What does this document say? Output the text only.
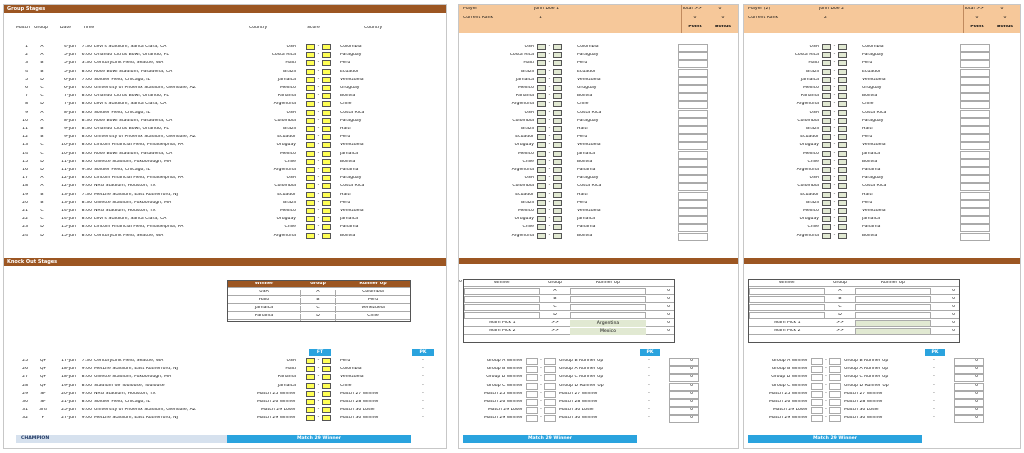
Group Stages
Knock Out Stages
Match Group	Date	Time	Country	Score	Country
1	A	4-Jun	7:30 Levi's Stadium, Santa Clara, CA	USA	-	Colombia
2	A	5-Jun	6:00 Orlando Citrus Bowl, Orlando, FL	Costa Rica	-	Paraguay
3	B	5-Jun	3:30 CenturyLink Field, Seattle, WA	Haiti	-	Peru
4	B	5-Jun	8:00 Rose Bowl Stadium, Pasadena, CA	Brazil	-	Ecuador
5	D	6-Jun	7:00 Soldier Field, Chicago, IL	Jamaica	-	Venezuela
6	C	6-Jun	6:00 University of Phoenix Stadium, Glendale, AZ	Mexico	-	Uruguay
7	C	7-Jun	8:00 Orlando Citrus Bowl, Orlando, FL	Panama	-	Bolivia
8	D	7-Jun	8:00 Levi's Stadium, Santa Clara, CA	Argentina	-	Chile
9	A	8-Jun	8:00 Soldier Field, Chicago, IL	USA	-	Costa Rica
10	A	8-Jun	8:30 Rose Bowl Stadium, Pasadena, CA	Colombia	-	Paraguay
11	B	9-Jun	8:30 Orlando Citrus Bowl, Orlando, FL	Brazil	-	Haiti
12	B	9-Jun	8:00 University of Phoenix Stadium, Glendale, AZ	Ecuador	-	Peru
13	C	10-Jun	8:00 Lincoln Financial Field, Philadelphia, PA	Uruguay	-	Venezuela
14	C	10-Jun	8:00 Rose Bowl Stadium, Pasadena, CA	Mexico	-	Jamaica
15	D	11-Jun	8:00 Gillette Stadium, Foxborough, MA	Chile	-	Bolivia
16	D	11-Jun	9:30 Soldier Field, Chicago, IL	Argentina	-	Panama
17	A	12-Jun	8:00 Lincoln Financial Field, Philadelphia, PA	USA	-	Paraguay
18	A	12-Jun	9:00 NRG Stadium, Houston, TX	Colombia	-	Costa Rica
19	B	13-Jun	7:30 MetLife Stadium, East Rutherford, NJ	Ecuador	-	Haiti
20	B	13-Jun	8:30 Gillette Stadium, Foxborough, MA	Brazil	-	Peru
21	C	14-Jun	8:00 NRG Stadium, Houston, TX	Mexico	-	Venezuela
22	C	14-Jun	8:00 Levi's Stadium, Santa Clara, CA	Uruguay	-	Jamaica
23	D	15-Jun	8:00 Lincoln Financial Field, Philadelphia, PA	Chile	-	Panama
24	D	15-Jun	8:00 CenturyLink Field, Seattle, WA	Argentina	-	Bolivia
Winner	Group	Runner Up
USA	A	Colombia
Haiti	B	Peru
Jamaica	C	Venezuela
Panama	D	Chile
FT	PK
25	QF	17-Jun	7:30 CenturyLink Field, Seattle, WA	USA	-	Peru	-
26	QF	18-Jun	9:00 MetLife Stadium, East Rutherford, NJ	Haiti	-	Colombia	-
27	QF	18-Jun	8:00 Gillette Stadium, Foxborough, MA	Panama	-	Venezuela	-
28	QF	19-Jun	8:00 Stadium de Toulouse, Toulouse	Jamaica	-	Chile	-
29	SF	20-Jun	9:00 NRG Stadium, Houston, TX	Match 25 Winner	-	Match 27 Winner	-
30	SF	21-Jun	8:00 Soldier Field, Chicago, IL	Match 26 Winner	-	Match 28 Winner	-
31	3rd	25-Jun	6:00 University of Phoenix Stadium, Glendale, AZ	Match 29 Loser	-	Match 30 Loser	-
32	F	27-Jun	9:00 MetLife Stadium, East Rutherford, NJ	Match 29 Winner	-	Match 30 Winner	-
CHAMPION	Match 29 Winner
Player	John Doe 1
Current Rank	1
Total >>	0
0	0
Point	Bonus
USA	-	Colombia
Costa Rica	-	Paraguay
Haiti	-	Peru
Brazil	-	Ecuador
Jamaica	-	Venezuela
Mexico	-	Uruguay
Panama	-	Bolivia
Argentina	-	Chile
USA	-	Costa Rica
Colombia	-	Paraguay
Brazil	-	Haiti
Ecuador	-	Peru
Uruguay	-	Venezuela
Mexico	-	Jamaica
Chile	-	Bolivia
Argentina	-	Panama
USA	-	Paraguay
Colombia	-	Costa Rica
Ecuador	-	Haiti
Brazil	-	Peru
Mexico	-	Venezuela
Uruguay	-	Jamaica
Chile	-	Panama
Argentina	-	Bolivia
0	Winner	Group	Runner Up
A	0
B	0
C	0
D	0
Team Pick 1	>>	Argentina	0
Team Pick 2	>>	Mexico	0
PK
Group A Winner	-	Group B Runner Up	-	0
Group B Winner	-	Group A Runner Up	-	0
Group D Winner	-	Group C Runner Up	-	0
Group C Winner	-	Group D Runner Up	-	0
Match 25 Winner	-	Match 27 Winner	-	0
Match 26 Winner	-	Match 28 Winner	-	0
Match 29 Loser	-	Match 30 Loser	-	0
Match 29 Winner	-	Match 30 Winner	-	0
Match 29 Winner
Player (2)	John Doe 2
Current Rank	2
Total >>	0
0	0
Point	Bonus
USA	-	Colombia
Costa Rica	-	Paraguay
Haiti	-	Peru
Brazil	-	Ecuador
Jamaica	-	Venezuela
Mexico	-	Uruguay
Panama	-	Bolivia
Argentina	-	Chile
USA	-	Costa Rica
Colombia	-	Paraguay
Brazil	-	Haiti
Ecuador	-	Peru
Uruguay	-	Venezuela
Mexico	-	Jamaica
Chile	-	Bolivia
Argentina	-	Panama
USA	-	Paraguay
Colombia	-	Costa Rica
Ecuador	-	Haiti
Brazil	-	Peru
Mexico	-	Venezuela
Uruguay	-	Jamaica
Chile	-	Panama
Argentina	-	Bolivia
Winner	Group	Runner Up
A	0
B	0
C	0
D	0
Team Pick 1	>>	0
Team Pick 2	>>	0
PK
Group A Winner	-	Group B Runner Up	-	0
Group B Winner	-	Group A Runner Up	-	0
Group D Winner	-	Group C Runner Up	-	0
Group C Winner	-	Group D Runner Up	-	0
Match 25 Winner	-	Match 27 Winner	-	0
Match 26 Winner	-	Match 28 Winner	-	0
Match 29 Loser	-	Match 30 Loser	-	0
Match 29 Winner	-	Match 30 Winner	-	0
Match 29 Winner
